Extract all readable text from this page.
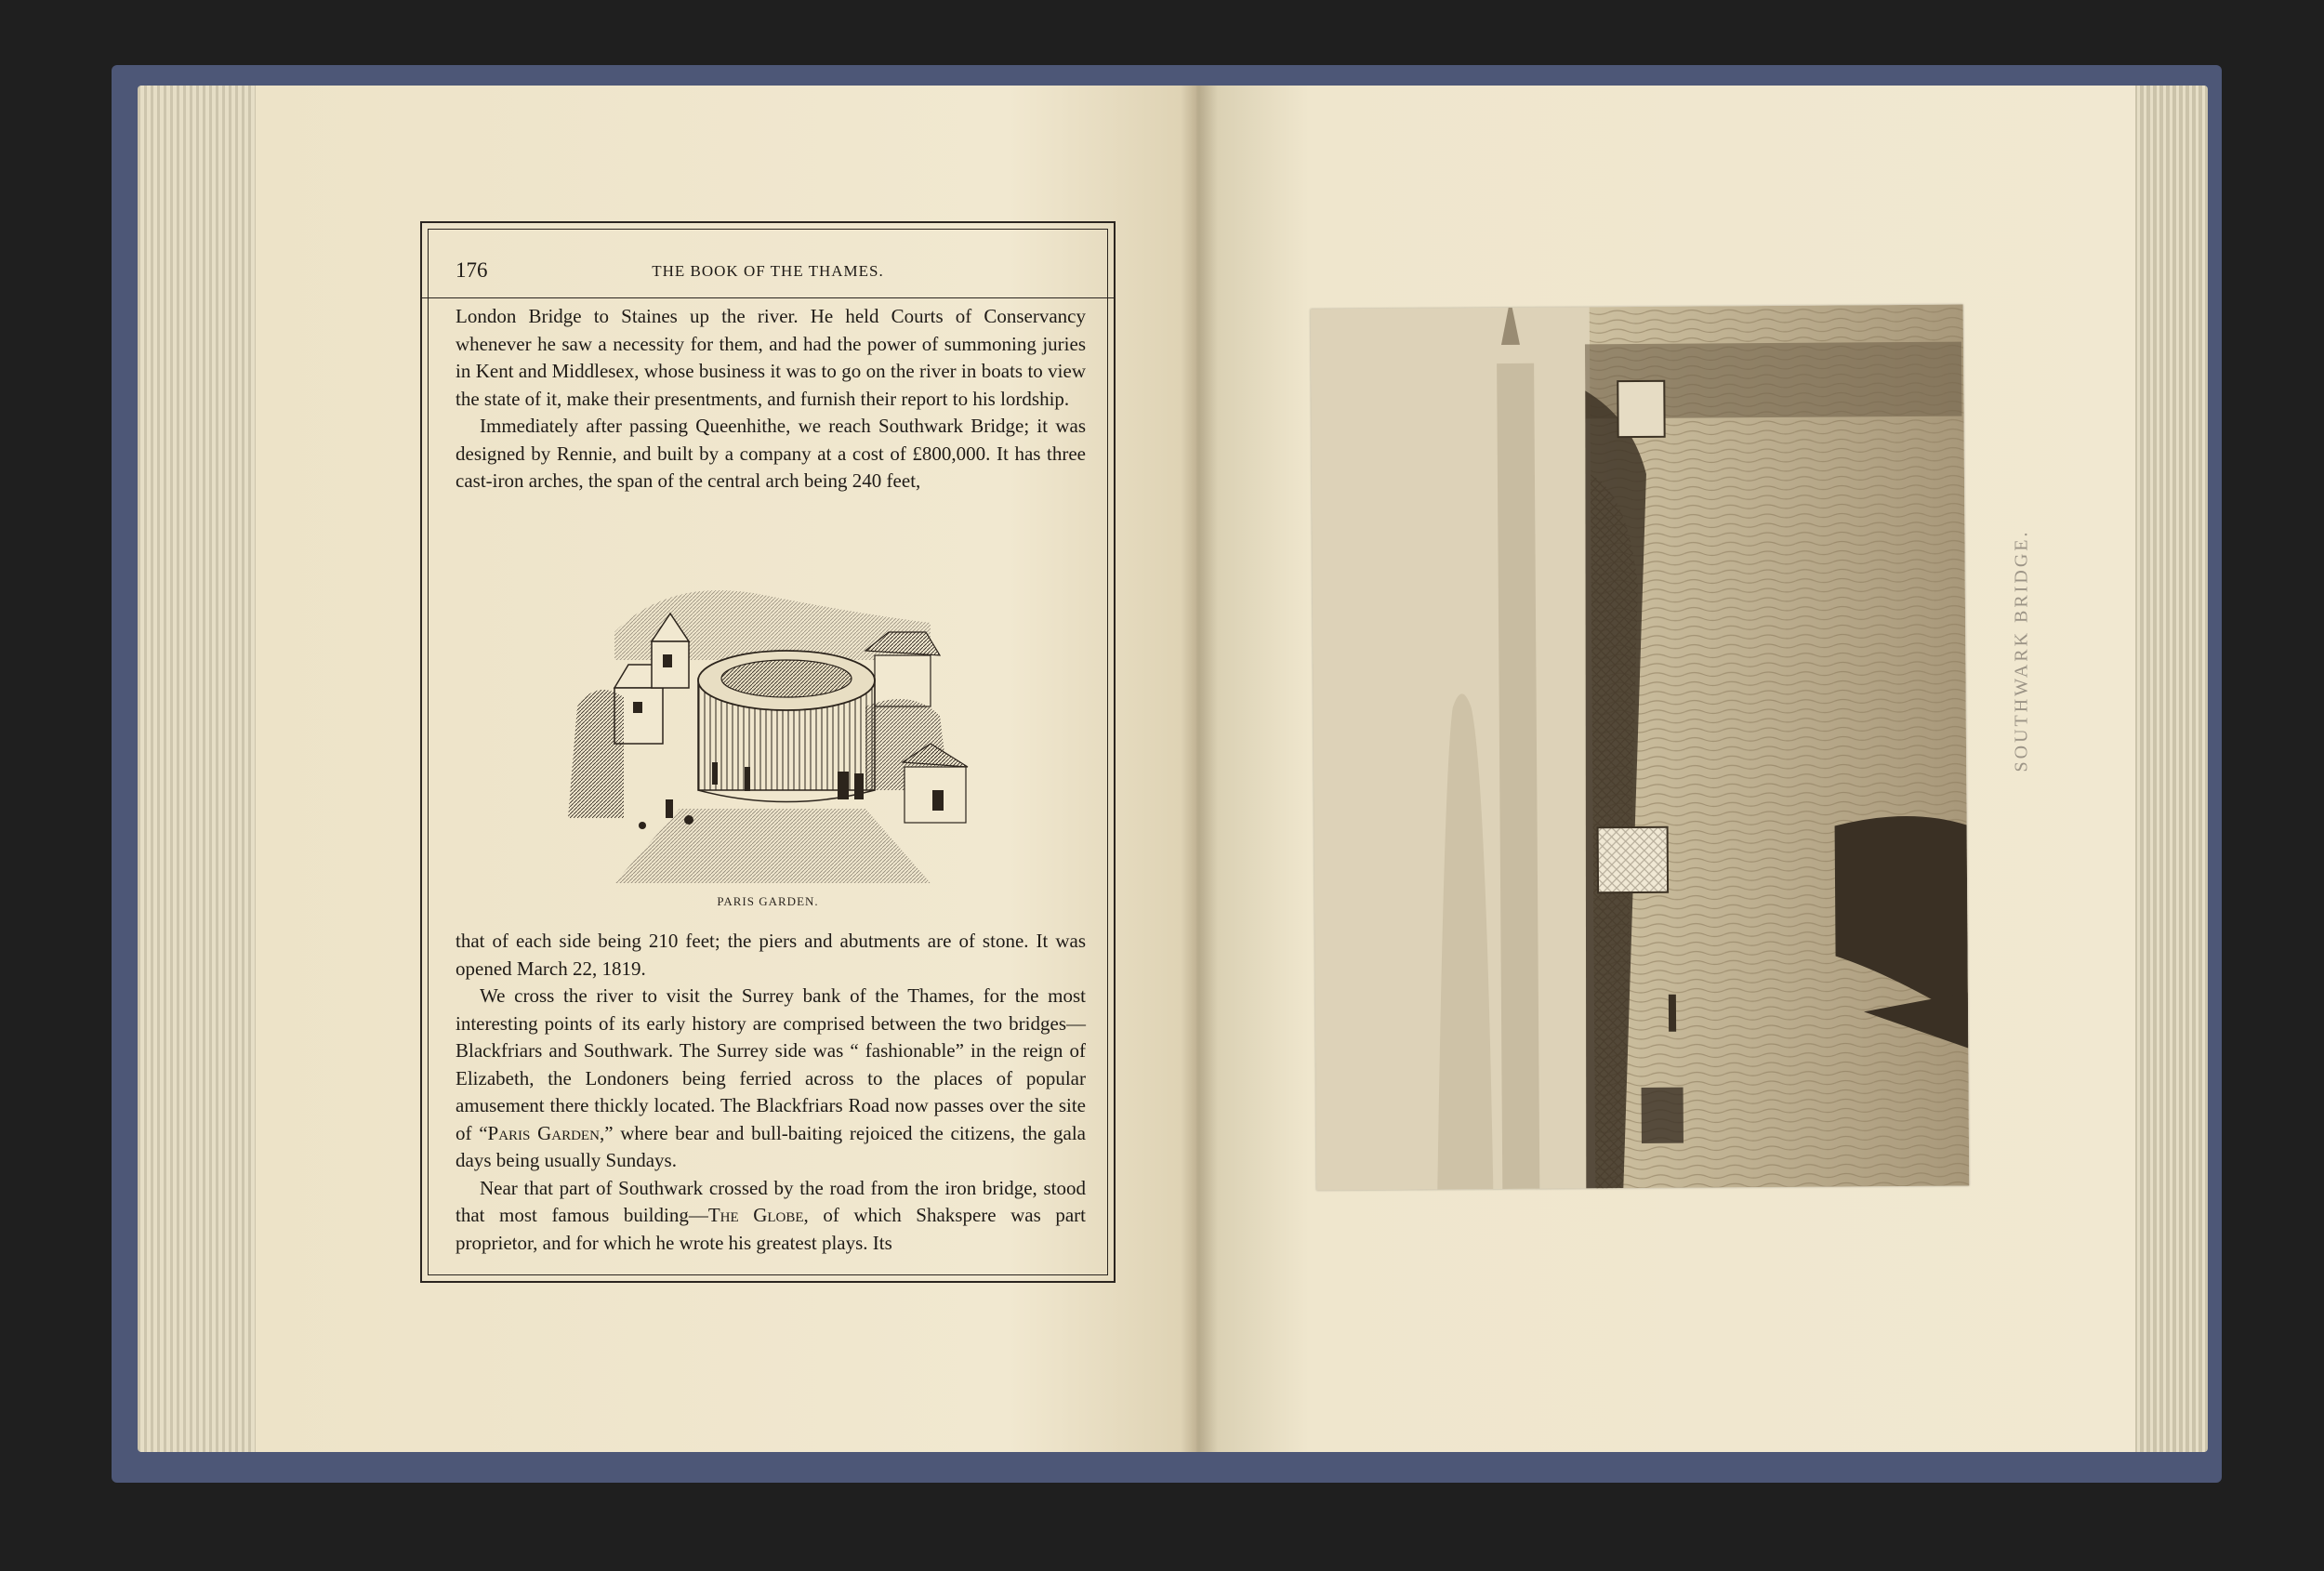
176	THE BOOK OF THE THAMES.

London Bridge to Staines up the river. He held Courts of Conservancy whenever he saw a necessity for them, and had the power of summoning juries in Kent and Middlesex, whose business it was to go on the river in boats to view the state of it, make their presentments, and furnish their report to his lordship.

Immediately after passing Queenhithe, we reach Southwark Bridge; it was designed by Rennie, and built by a company at a cost of £800,000. It has three cast-iron arches, the span of the central arch being 240 feet,

PARIS GARDEN.

that of each side being 210 feet; the piers and abutments are of stone. It was opened March 22, 1819.

We cross the river to visit the Surrey bank of the Thames, for the most interesting points of its early history are comprised between the two bridges—Blackfriars and Southwark. The Surrey side was “ fashionable” in the reign of Elizabeth, the Londoners being ferried across to the places of popular amusement there thickly located. The Blackfriars Road now passes over the site of “Paris Garden,” where bear and bull-baiting rejoiced the citizens, the gala days being usually Sundays.

Near that part of Southwark crossed by the road from the iron bridge, stood that most famous building—The Globe, of which Shakspere was part proprietor, and for which he wrote his greatest plays. Its

SOUTHWARK BRIDGE.
